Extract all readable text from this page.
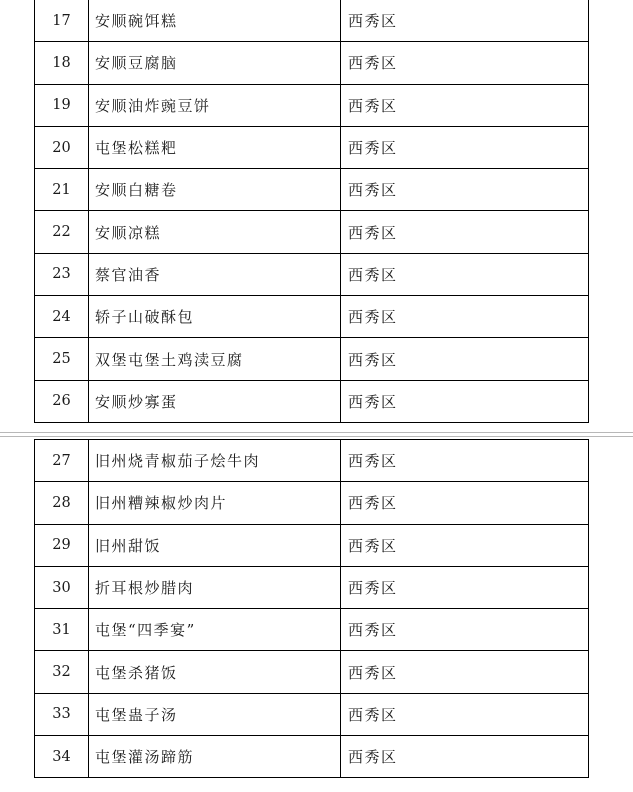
17	安顺碗饵糕	西秀区
18	安顺豆腐脑	西秀区
19	安顺油炸豌豆饼	西秀区
20	屯堡松糕粑	西秀区
21	安顺白糖卷	西秀区
22	安顺凉糕	西秀区
23	蔡官油香	西秀区
24	轿子山破酥包	西秀区
25	双堡屯堡土鸡渎豆腐	西秀区
26	安顺炒寡蛋	西秀区
27	旧州烧青椒茄子烩牛肉	西秀区
28	旧州糟辣椒炒肉片	西秀区
29	旧州甜饭	西秀区
30	折耳根炒腊肉	西秀区
31	屯堡“四季宴”	西秀区
32	屯堡杀猪饭	西秀区
33	屯堡蛊子汤	西秀区
34	屯堡灌汤蹄筋	西秀区
